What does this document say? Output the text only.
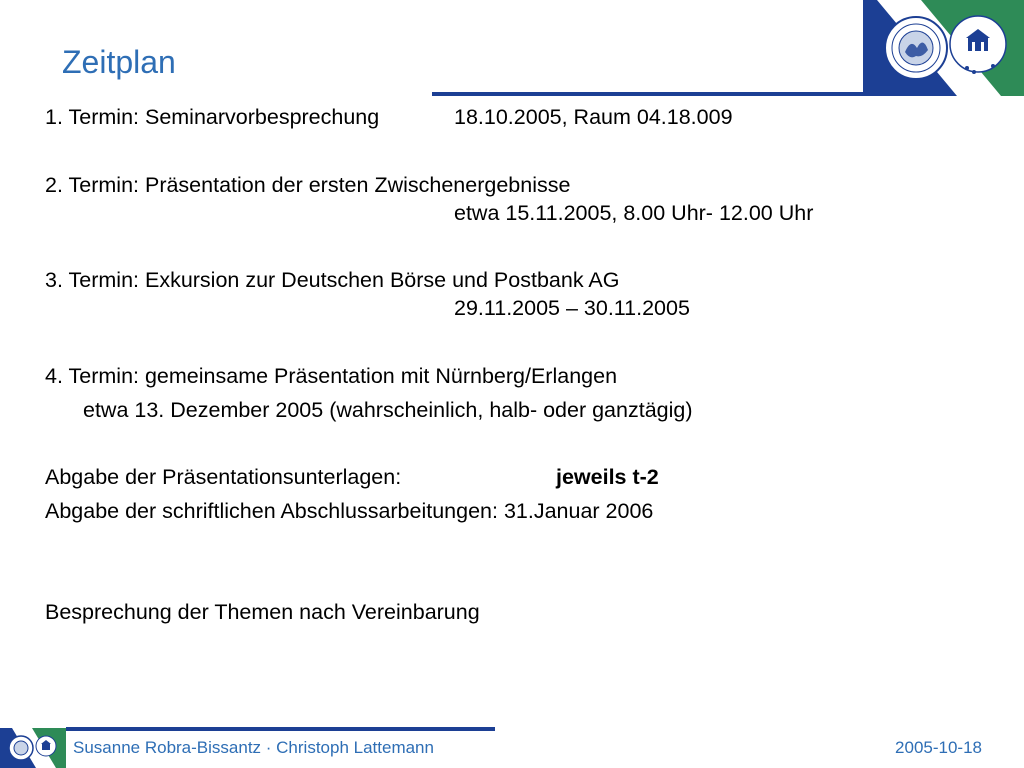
Zeitplan
1. Termin: Seminarvorbesprechung	18.10.2005, Raum 04.18.009
2. Termin: Präsentation der ersten Zwischenergebnisse
etwa 15.11.2005, 8.00 Uhr- 12.00 Uhr
3. Termin: Exkursion zur Deutschen Börse und Postbank AG
29.11.2005 – 30.11.2005
4. Termin: gemeinsame Präsentation mit Nürnberg/Erlangen
etwa 13. Dezember 2005 (wahrscheinlich, halb- oder ganztägig)
Abgabe der Präsentationsunterlagen:	jeweils t-2
Abgabe der schriftlichen Abschlussarbeitungen: 31.Januar 2006
Besprechung der Themen nach Vereinbarung
Susanne Robra-Bissantz · Christoph Lattemann	2005-10-18
